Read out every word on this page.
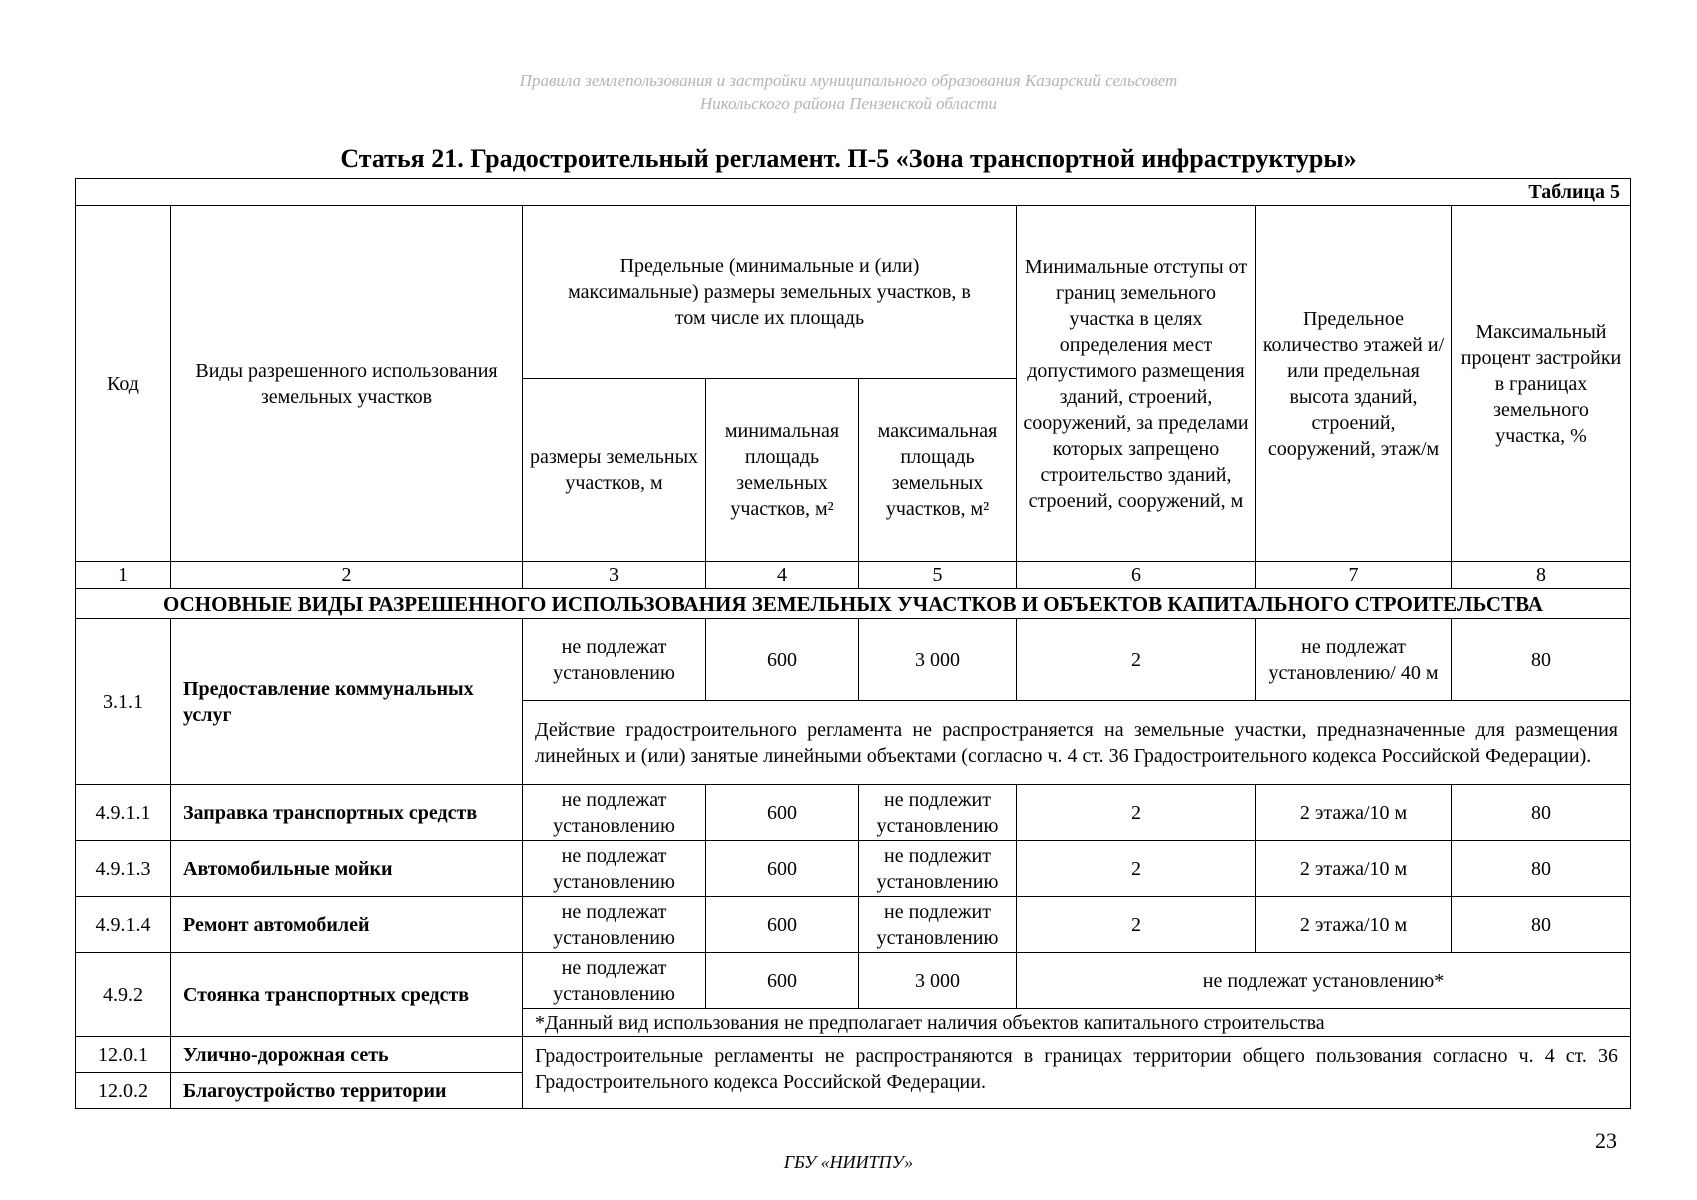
Правила землепользования и застройки муниципального образования Казарский сельсовет
Никольского района Пензенской области
Статья 21. Градостроительный регламент. П-5 «Зона транспортной инфраструктуры»
Таблица 5							
Код	Виды разрешенного использования земельных участков	Предельные (минимальные и (или) максимальные) размеры земельных участков, в том числе их площадь			Минимальные отступы от границ земельного участка в целях определения мест допустимого размещения зданий, строений, сооружений, за пределами которых запрещено строительство зданий, строений, сооружений, м	Предельное количество этажей и/или предельная высота зданий, строений, сооружений, этаж/м	Максимальный процент застройки в границах земельного участка, %
		размеры земельных участков, м	минимальная площадь земельных участков, м²	максимальная площадь земельных участков, м²			
1	2	3	4	5	6	7	8
ОСНОВНЫЕ ВИДЫ РАЗРЕШЕННОГО ИСПОЛЬЗОВАНИЯ ЗЕМЕЛЬНЫХ УЧАСТКОВ И ОБЪЕКТОВ КАПИТАЛЬНОГО СТРОИТЕЛЬСТВА							
3.1.1	Предоставление коммунальных услуг	не подлежат установлению	600	3 000	2	не подлежат установлению/ 40 м	80
		Действие градостроительного регламента не распространяется на земельные участки, предназначенные для размещения линейных и (или) занятые линейными объектами (согласно ч. 4 ст. 36 Градостроительного кодекса Российской Федерации).					
4.9.1.1	Заправка транспортных средств	не подлежат установлению	600	не подлежит установлению	2	2 этажа/10 м	80
4.9.1.3	Автомобильные мойки	не подлежат установлению	600	не подлежит установлению	2	2 этажа/10 м	80
4.9.1.4	Ремонт автомобилей	не подлежат установлению	600	не подлежит установлению	2	2 этажа/10 м	80
4.9.2	Стоянка транспортных средств	не подлежат установлению	600	3 000	не подлежат установлению*		
		*Данный вид использования не предполагает наличия объектов капитального строительства					
12.0.1	Улично-дорожная сеть	Градостроительные регламенты не распространяются в границах территории общего пользования согласно ч. 4 ст. 36 Градостроительного кодекса Российской Федерации.					
12.0.2	Благоустройство территории						
23
ГБУ «НИИТПУ»
